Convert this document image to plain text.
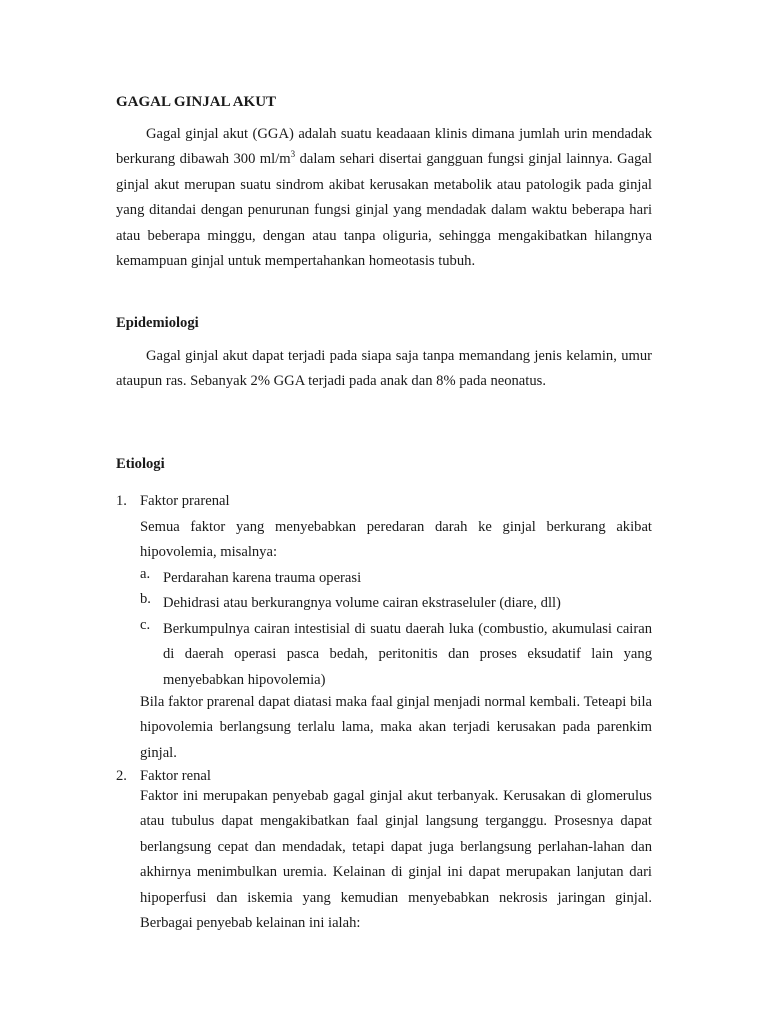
GAGAL GINJAL AKUT

Gagal ginjal akut (GGA) adalah suatu keadaaan klinis dimana jumlah urin mendadak berkurang dibawah 300 $ml/m^3$ dalam sehari disertai gangguan fungsi ginjal lainnya. Gagal ginjal akut merupan suatu sindrom akibat kerusakan metabolik atau patologik pada ginjal yang ditandai dengan penurunan fungsi ginjal yang mendadak dalam waktu beberapa hari atau beberapa minggu, dengan atau tanpa oliguria, sehingga mengakibatkan hilangnya kemampuan ginjal untuk mempertahankan homeotasis tubuh.

Epidemiologi

Gagal ginjal akut dapat terjadi pada siapa saja tanpa memandang jenis kelamin, umur ataupun ras. Sebanyak 2% GGA terjadi pada anak dan 8% pada neonatus.

Etiologi
1. Faktor prarenal

Semua faktor yang menyebabkan peredaran darah ke ginjal berkurang akibat hipovolemia, misalnya:

a. Perdarahan karena trauma operasi

b. Dehidrasi atau berkurangnya volume cairan ekstraseluler (diare, dll)

c. Berkumpulnya cairan intestisial di suatu daerah luka (combustio, akumulasi cairan di daerah operasi pasca bedah, peritonitis dan proses eksudatif lain yang menyebabkan hipovolemia)

Bila faktor prarenal dapat diatasi maka faal ginjal menjadi normal kembali. Teteapi bila hipovolemia berlangsung terlalu lama, maka akan terjadi kerusakan pada parenkim ginjal.

2. Faktor renal

Faktor ini merupakan penyebab gagal ginjal akut terbanyak. Kerusakan di glomerulus atau tubulus dapat mengakibatkan faal ginjal langsung terganggu. Prosesnya dapat berlangsung cepat dan mendadak, tetapi dapat juga berlangsung perlahan-lahan dan akhirnya menimbulkan uremia. Kelainan di ginjal ini dapat merupakan lanjutan dari hipoperfusi dan iskemia yang kemudian menyebabkan nekrosis jaringan ginjal. Berbagai penyebab kelainan ini ialah:
